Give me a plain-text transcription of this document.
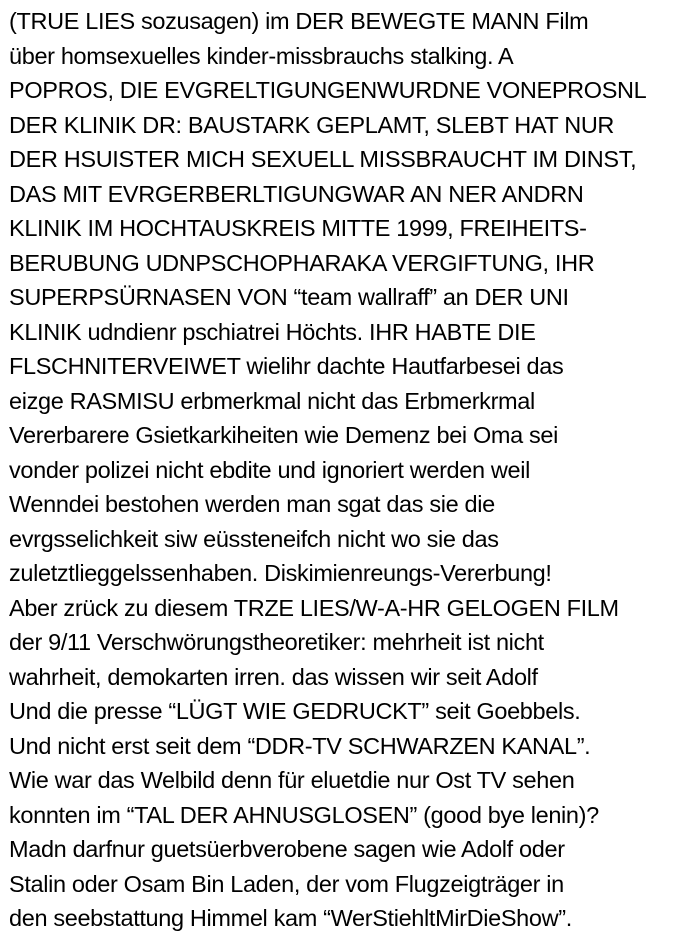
(TRUE LIES sozusagen) im DER BEWEGTE MANN Film
über homsexuelles kinder-missbrauchs stalking. A
POPROS, DIE EVGRELTIGUNGENWURDNE VONEPROSNL
DER KLINIK DR: BAUSTARK GEPLAMT, SLEBT HAT NUR
DER HSUISTER MICH SEXUELL MISSBRAUCHT IM DINST,
DAS MIT EVRGERBERLTIGUNGWAR AN NER ANDRN
KLINIK IM HOCHTAUSKREIS MITTE 1999, FREIHEITS-
BERUBUNG UDNPSCHOPHARAKA VERGIFTUNG, IHR
SUPERPSÜRNASEN VON “team wallraff” an DER UNI
KLINIK udndienr pschiatrei Höchts. IHR HABTE DIE
FLSCHNITERVEIWET wielihr dachte Hautfarbesei das
eizge RASMISU erbmerkmal nicht das Erbmerkrmal
Vererbarere Gsietkarkiheiten wie Demenz bei Oma sei
vonder polizei nicht ebdite und ignoriert werden weil
Wenndei bestohen werden man sgat das sie die
evrgsselichkeit siw eüssteneifch nicht wo sie das
zuletztlieggelssenhaben. Diskimienreungs-Vererbung!
Aber zrück zu diesem TRZE LIES/W-A-HR GELOGEN FILM
der 9/11 Verschwörungstheoretiker: mehrheit ist nicht
wahrheit, demokarten irren. das wissen wir seit Adolf
Und die presse “LÜGT WIE GEDRUCKT” seit Goebbels.
Und nicht erst seit dem “DDR-TV SCHWARZEN KANAL”.
Wie war das Welbild denn für eluetdie nur Ost TV sehen
konnten im “TAL DER AHNUSGLOSEN” (good bye lenin)?
Madn darfnur guetsüerbverobene sagen wie Adolf oder
Stalin oder Osam Bin Laden, der vom Flugzeigträger in
den seebstattung Himmel kam “WerStiehltMirDieShow”.
